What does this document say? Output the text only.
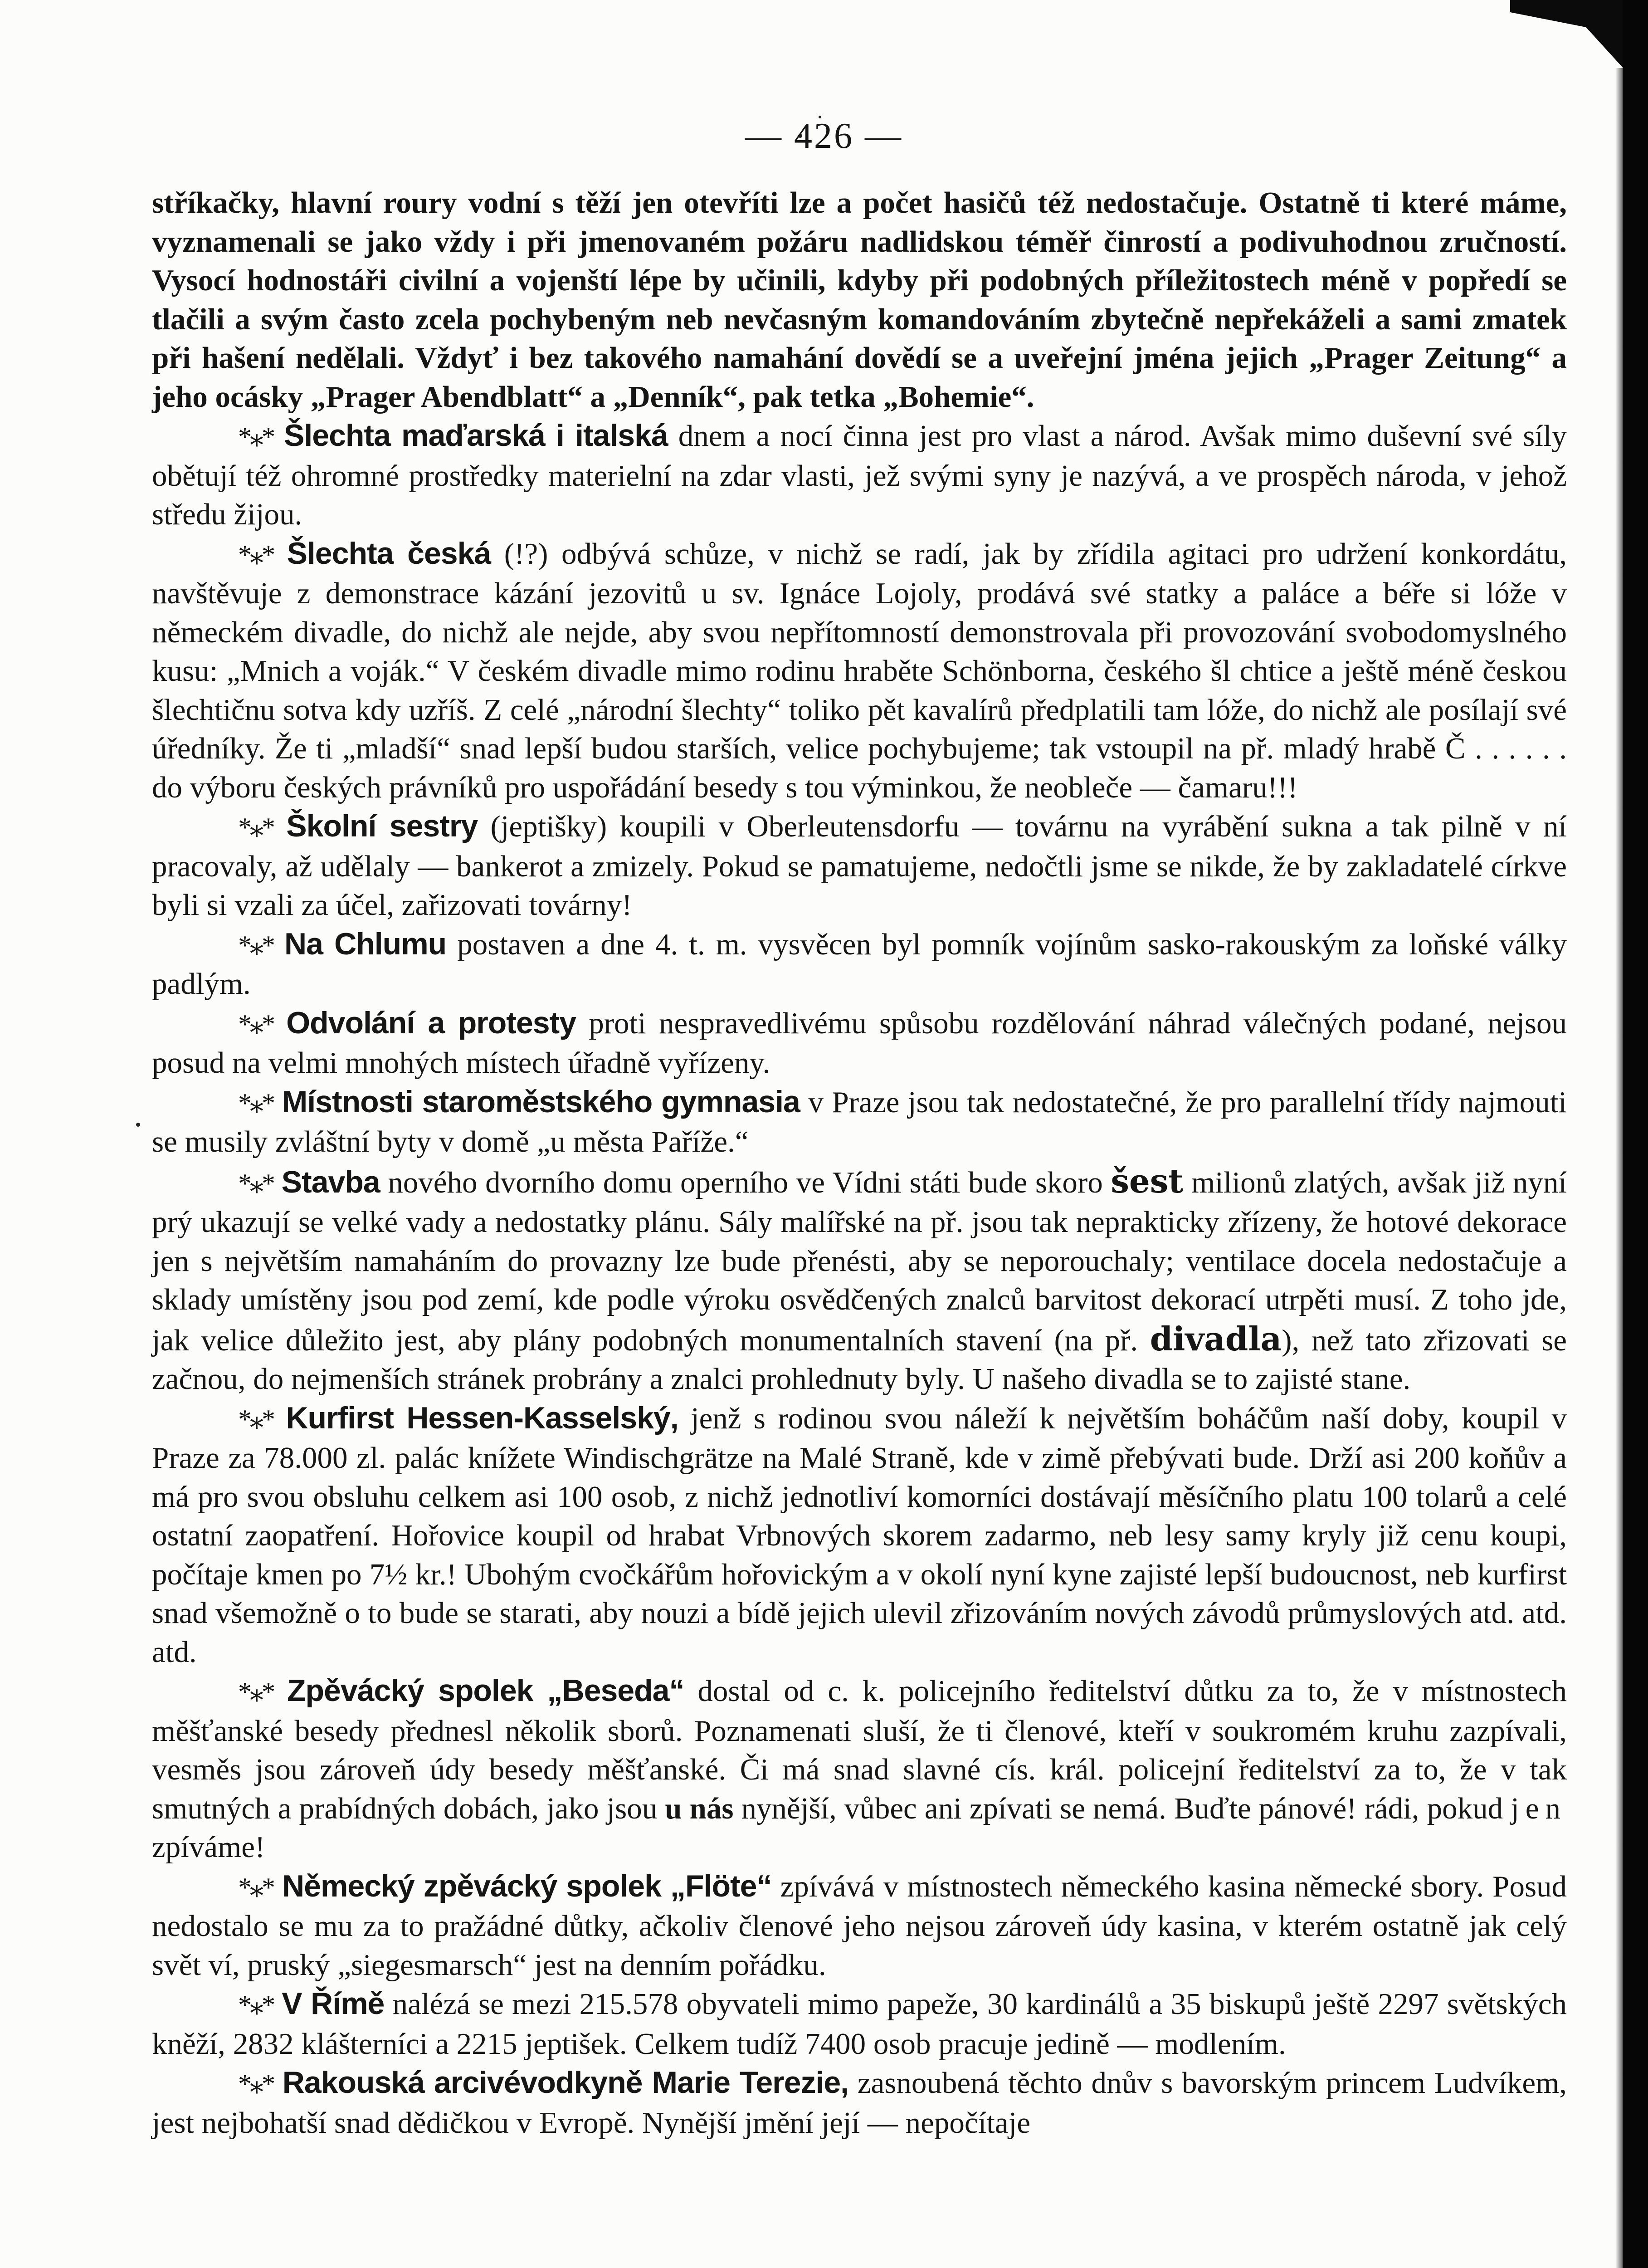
— 426 —

stříkačky, hlavní roury vodní s těží jen otevříti lze a počet hasičů též nedostačuje. Ostatně ti které máme, vyznamenali se jako vždy i při jmenovaném požáru nadlidskou téměř činrostí a podivuhodnou zručností. Vysocí hodnostáři civilní a vojenští lépe by učinili, kdyby při podobných příležitostech méně v popředí se tlačili a svým často zcela pochybeným neb nevčasným komandováním zbytečně nepřekáželi a sami zmatek při hašení nedělali. Vždyť i bez takového namahání dovědí se a uveřejní jména jejich „Prager Zeitung“ a jeho ocásky „Prager Abendblatt“ a „Denník“, pak tetka „Bohemie“.

*⁎* Šlechta maďarská i italská dnem a nocí činna jest pro vlast a národ. Avšak mimo duševní své síly obětují též ohromné prostředky materielní na zdar vlasti, jež svými syny je nazývá, a ve prospěch národa, v jehož středu žijou.

*⁎* Šlechta česká (!?) odbývá schůze, v nichž se radí, jak by zřídila agitaci pro udržení konkordátu, navštěvuje z demonstrace kázání jezovitů u sv. Ignáce Lojoly, prodává své statky a paláce a béře si lóže v německém divadle, do nichž ale nejde, aby svou nepřítomností demonstrovala při provozování svobodomyslného kusu: „Mnich a voják.“ V českém divadle mimo rodinu hraběte Schönborna, českého šl chtice a ještě méně českou šlechtičnu sotva kdy uzříš. Z celé „národní šlechty“ toliko pět kavalírů předplatili tam lóže, do nichž ale posílají své úředníky. Že ti „mladší“ snad lepší budou starších, velice pochybujeme; tak vstoupil na př. mladý hrabě Č . . . . . . do výboru českých právníků pro uspořádání besedy s tou výminkou, že neobleče — čamaru!!!

*⁎* Školní sestry (jeptišky) koupili v Oberleutensdorfu — továrnu na vyrábění sukna a tak pilně v ní pracovaly, až udělaly — bankerot a zmizely. Pokud se pamatujeme, nedočtli jsme se nikde, že by zakladatelé církve byli si vzali za účel, zařizovati továrny!

*⁎* Na Chlumu postaven a dne 4. t. m. vysvěcen byl pomník vojínům sasko-rakouským za loňské války padlým.

*⁎* Odvolání a protesty proti nespravedlivému spůsobu rozdělování náhrad válečných podané, nejsou posud na velmi mnohých místech úřadně vyřízeny.

*⁎* Místnosti staroměstského gymnasia v Praze jsou tak nedostatečné, že pro parallelní třídy najmouti se musily zvláštní byty v domě „u města Paříže.“

*⁎* Stavba nového dvorního domu operního ve Vídni státi bude skoro šest milionů zlatých, avšak již nyní prý ukazují se velké vady a nedostatky plánu. Sály malířské na př. jsou tak neprakticky zřízeny, že hotové dekorace jen s největším namaháním do provazny lze bude přenésti, aby se neporouchaly; ventilace docela nedostačuje a sklady umístěny jsou pod zemí, kde podle výroku osvědčených znalců barvitost dekorací utrpěti musí. Z toho jde, jak velice důležito jest, aby plány podobných monumentalních stavení (na př. divadla), než tato zřizovati se začnou, do nejmenších stránek probrány a znalci prohlednuty byly. U našeho divadla se to zajisté stane.

*⁎* Kurfirst Hessen-Kasselský, jenž s rodinou svou náleží k největším boháčům naší doby, koupil v Praze za 78.000 zl. palác knížete Windischgrätze na Malé Straně, kde v zimě přebývati bude. Drží asi 200 koňův a má pro svou obsluhu celkem asi 100 osob, z nichž jednotliví komorníci dostávají měsíčního platu 100 tolarů a celé ostatní zaopatření. Hořovice koupil od hrabat Vrbnových skorem zadarmo, neb lesy samy kryly již cenu koupi, počítaje kmen po 7½ kr.! Ubohým cvočkářům hořovickým a v okolí nyní kyne zajisté lepší budoucnost, neb kurfirst snad všemožně o to bude se starati, aby nouzi a bídě jejich ulevil zřizováním nových závodů průmyslových atd. atd. atd.

*⁎* Zpěvácký spolek „Beseda“ dostal od c. k. policejního ředitelství důtku za to, že v místnostech měšťanské besedy přednesl několik sborů. Poznamenati sluší, že ti členové, kteří v soukromém kruhu zazpívali, vesměs jsou zároveň údy besedy měšťanské. Či má snad slavné cís. král. policejní ředitelství za to, že v tak smutných a prabídných dobách, jako jsou u nás nynější, vůbec ani zpívati se nemá. Buďte pánové! rádi, pokud jen zpíváme!

*⁎* Německý zpěvácký spolek „Flöte“ zpívává v místnostech německého kasina německé sbory. Posud nedostalo se mu za to pražádné důtky, ačkoliv členové jeho nejsou zároveň údy kasina, v kterém ostatně jak celý svět ví, pruský „siegesmarsch“ jest na denním pořádku.

*⁎* V Římě nalézá se mezi 215.578 obyvateli mimo papeže, 30 kardinálů a 35 biskupů ještě 2297 světských kněží, 2832 klášterníci a 2215 jeptišek. Celkem tudíž 7400 osob pracuje jedině — modlením.

*⁎* Rakouská arcivévodkyně Marie Terezie, zasnoubená těchto dnův s bavorským princem Ludvíkem, jest nejbohatší snad dědičkou v Evropě. Nynější jmění její — nepočítaje
